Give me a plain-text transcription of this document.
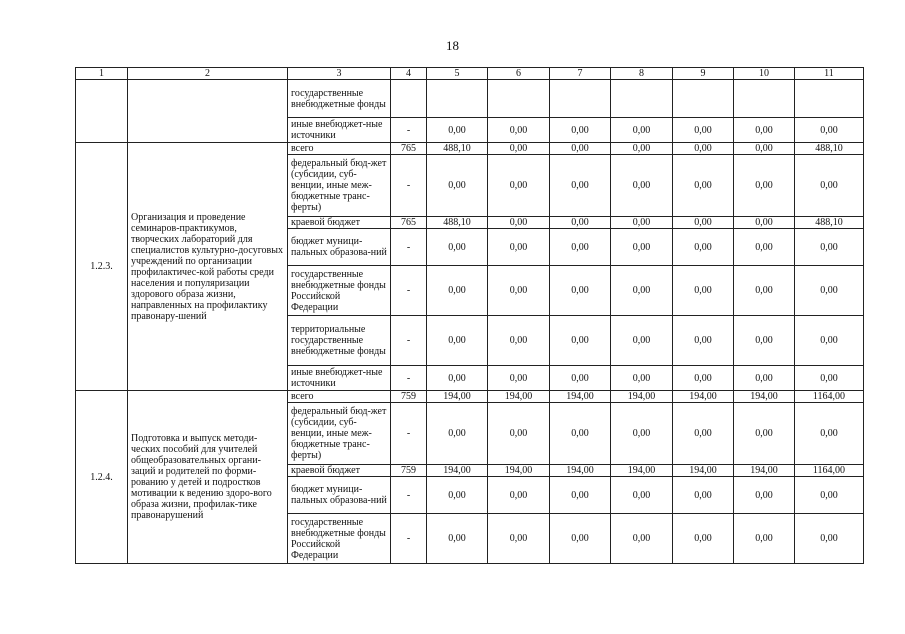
18
1	2	3	4	5	6	7	8	9	10	11
		государственные внебюджетные фонды								
		иные внебюджет-ные источники	-	0,00	0,00	0,00	0,00	0,00	0,00	0,00
1.2.3.	Организация и проведение семинаров-практикумов, творческих лабораторий для специалистов культурно-досуговых учреждений по организации профилактичес-кой работы среди населения и популяризации здорового образа жизни, направленных на профилактику правонару-шений	всего	765	488,10	0,00	0,00	0,00	0,00	0,00	488,10
		федеральный бюд-жет (субсидии, суб-венции, иные меж-бюджетные транс-ферты)	-	0,00	0,00	0,00	0,00	0,00	0,00	0,00
		краевой бюджет	765	488,10	0,00	0,00	0,00	0,00	0,00	488,10
		бюджет муници-пальных образова-ний	-	0,00	0,00	0,00	0,00	0,00	0,00	0,00
		государственные внебюджетные фонды Российской Федерации	-	0,00	0,00	0,00	0,00	0,00	0,00	0,00
		территориальные государственные внебюджетные фонды	-	0,00	0,00	0,00	0,00	0,00	0,00	0,00
		иные внебюджет-ные источники	-	0,00	0,00	0,00	0,00	0,00	0,00	0,00
1.2.4.	Подготовка и выпуск методи-ческих пособий для учителей общеобразовательных органи-заций и родителей по форми-рованию у детей и подростков мотивации к ведению здоро-вого образа жизни, профилак-тике правонарушений	всего	759	194,00	194,00	194,00	194,00	194,00	194,00	1164,00
		федеральный бюд-жет (субсидии, суб-венции, иные меж-бюджетные транс-ферты)	-	0,00	0,00	0,00	0,00	0,00	0,00	0,00
		краевой бюджет	759	194,00	194,00	194,00	194,00	194,00	194,00	1164,00
		бюджет муници-пальных образова-ний	-	0,00	0,00	0,00	0,00	0,00	0,00	0,00
		государственные внебюджетные фонды Российской Федерации	-	0,00	0,00	0,00	0,00	0,00	0,00	0,00
